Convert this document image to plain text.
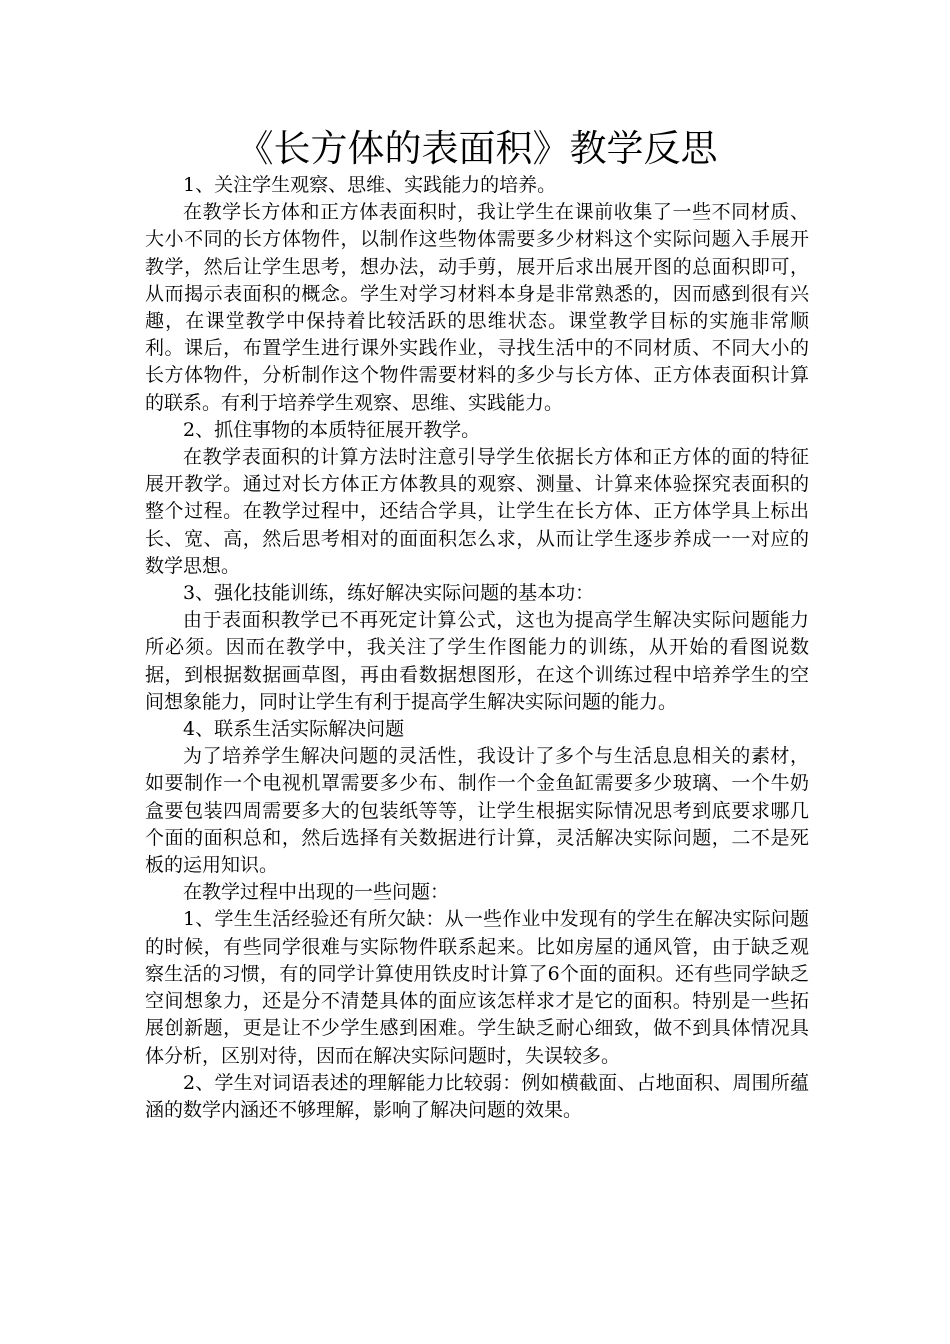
《长方体的表面积》教学反思

1、关注学生观察、思维、实践能力的培养。

在教学长方体和正方体表面积时，我让学生在课前收集了一些不同材质、大小不同的长方体物件，以制作这些物体需要多少材料这个实际问题入手展开教学，然后让学生思考，想办法，动手剪，展开后求出展开图的总面积即可，从而揭示表面积的概念。学生对学习材料本身是非常熟悉的，因而感到很有兴趣，在课堂教学中保持着比较活跃的思维状态。课堂教学目标的实施非常顺利。课后，布置学生进行课外实践作业，寻找生活中的不同材质、不同大小的长方体物件，分析制作这个物件需要材料的多少与长方体、正方体表面积计算的联系。有利于培养学生观察、思维、实践能力。

2、抓住事物的本质特征展开教学。

在教学表面积的计算方法时注意引导学生依据长方体和正方体的面的特征展开教学。通过对长方体正方体教具的观察、测量、计算来体验探究表面积的整个过程。在教学过程中，还结合学具，让学生在长方体、正方体学具上标出长、宽、高，然后思考相对的面面积怎么求，从而让学生逐步养成一一对应的数学思想。

3、强化技能训练，练好解决实际问题的基本功：

由于表面积教学已不再死定计算公式，这也为提高学生解决实际问题能力所必须。因而在教学中，我关注了学生作图能力的训练，从开始的看图说数据，到根据数据画草图，再由看数据想图形，在这个训练过程中培养学生的空间想象能力，同时让学生有利于提高学生解决实际问题的能力。

4、联系生活实际解决问题

为了培养学生解决问题的灵活性，我设计了多个与生活息息相关的素材，如要制作一个电视机罩需要多少布、制作一个金鱼缸需要多少玻璃、一个牛奶盒要包装四周需要多大的包装纸等等，让学生根据实际情况思考到底要求哪几个面的面积总和，然后选择有关数据进行计算，灵活解决实际问题，二不是死板的运用知识。

在教学过程中出现的一些问题：

1、学生生活经验还有所欠缺：从一些作业中发现有的学生在解决实际问题的时候，有些同学很难与实际物件联系起来。比如房屋的通风管，由于缺乏观察生活的习惯，有的同学计算使用铁皮时计算了6个面的面积。还有些同学缺乏空间想象力，还是分不清楚具体的面应该怎样求才是它的面积。特别是一些拓展创新题，更是让不少学生感到困难。学生缺乏耐心细致，做不到具体情况具体分析，区别对待，因而在解决实际问题时，失误较多。

2、学生对词语表述的理解能力比较弱：例如横截面、占地面积、周围所蕴涵的数学内涵还不够理解，影响了解决问题的效果。
